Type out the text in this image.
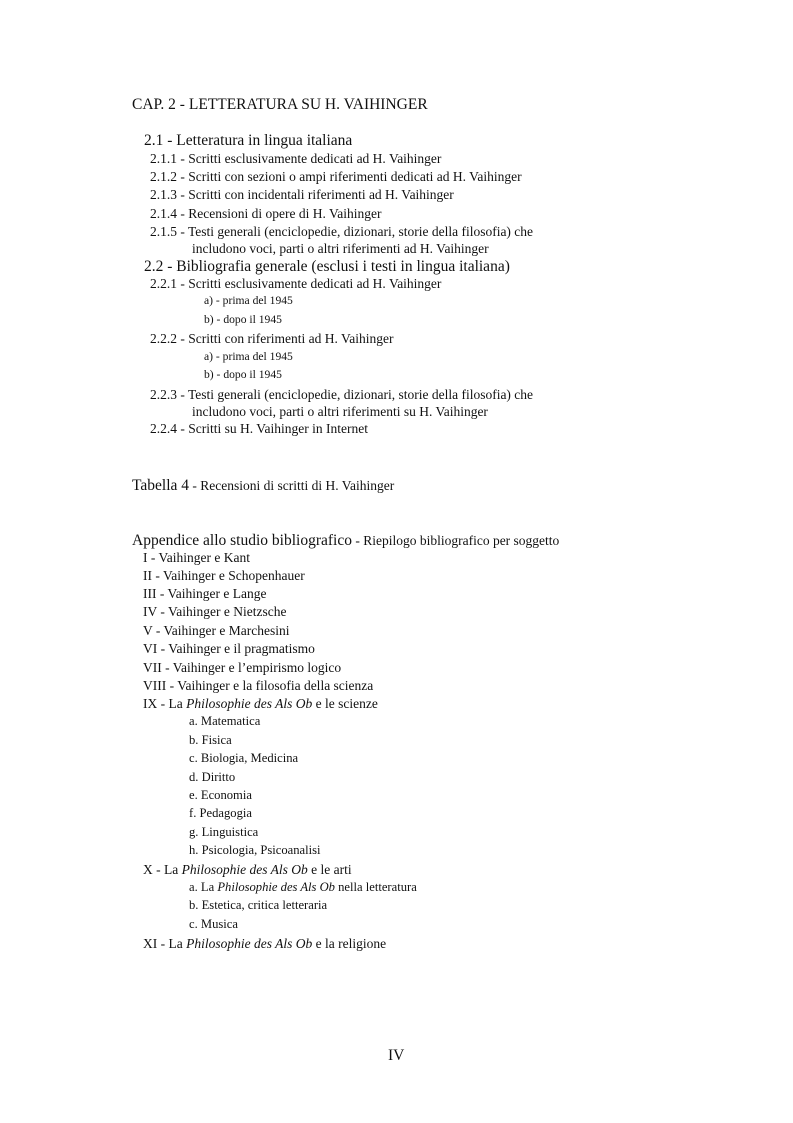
CAP. 2 - LETTERATURA SU H. VAIHINGER
2.1 - Letteratura in lingua italiana
2.1.1 - Scritti esclusivamente dedicati ad H. Vaihinger
2.1.2 - Scritti con sezioni o ampi riferimenti dedicati ad H. Vaihinger
2.1.3 - Scritti con incidentali riferimenti ad H. Vaihinger
2.1.4 - Recensioni di opere di H. Vaihinger
2.1.5 - Testi generali (enciclopedie, dizionari, storie della filosofia) che
includono voci, parti o altri riferimenti ad H. Vaihinger
2.2 - Bibliografia generale (esclusi i testi in lingua italiana)
2.2.1 - Scritti esclusivamente dedicati ad H. Vaihinger
a) - prima del 1945
b) - dopo il 1945
2.2.2 - Scritti con riferimenti ad H. Vaihinger
a) - prima del 1945
b) - dopo il 1945
2.2.3 - Testi generali (enciclopedie, dizionari, storie della filosofia) che
includono voci, parti o altri riferimenti su H. Vaihinger
2.2.4 - Scritti su H. Vaihinger in Internet
Tabella 4 - Recensioni di scritti di H. Vaihinger
Appendice allo studio bibliografico - Riepilogo bibliografico per soggetto
I - Vaihinger e Kant
II - Vaihinger e Schopenhauer
III - Vaihinger e Lange
IV - Vaihinger e Nietzsche
V - Vaihinger e Marchesini
VI - Vaihinger e il pragmatismo
VII - Vaihinger e l’empirismo logico
VIII - Vaihinger e la filosofia della scienza
IX - La Philosophie des Als Ob e le scienze
a. Matematica
b. Fisica
c. Biologia, Medicina
d. Diritto
e. Economia
f. Pedagogia
g. Linguistica
h. Psicologia, Psicoanalisi
X - La Philosophie des Als Ob e le arti
a. La Philosophie des Als Ob nella letteratura
b. Estetica, critica letteraria
c. Musica
XI - La Philosophie des Als Ob e la religione
IV
